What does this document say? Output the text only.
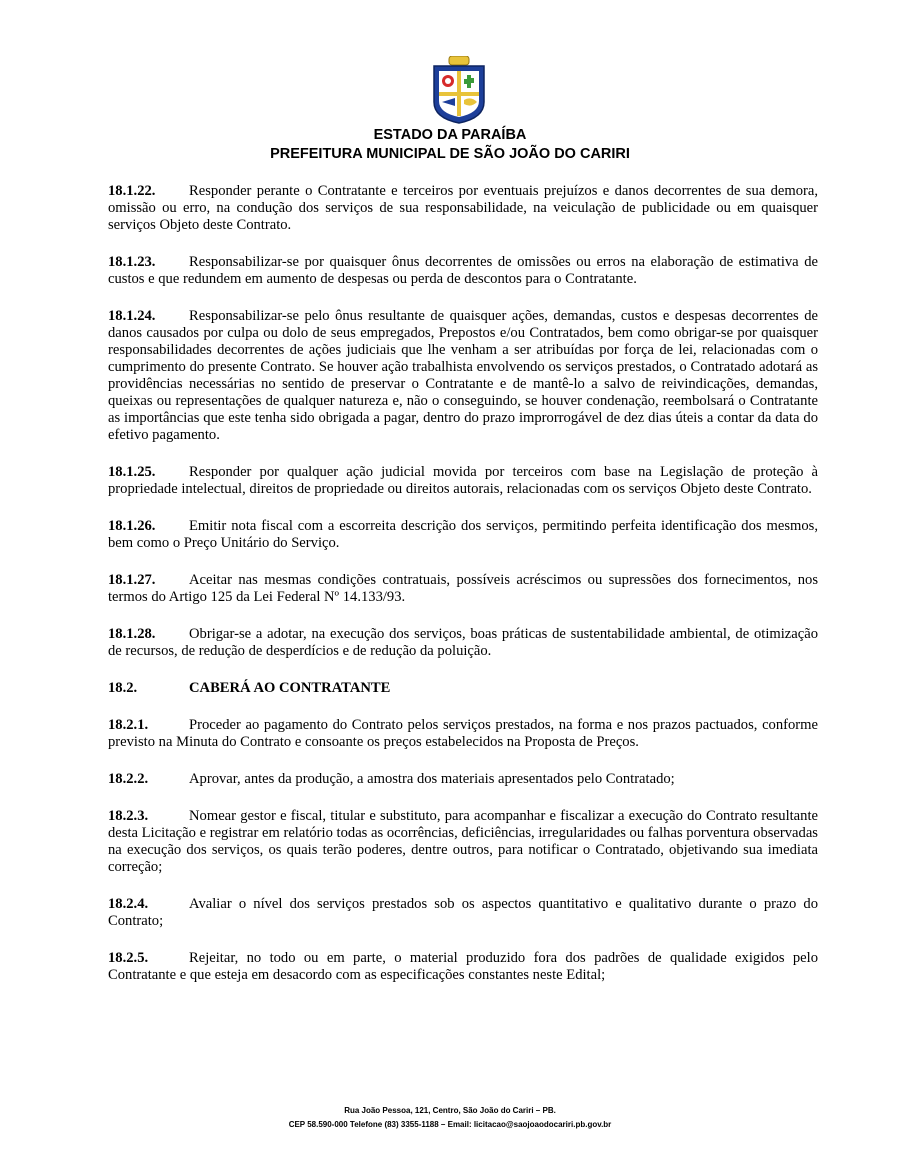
ESTADO DA PARAÍBA
PREFEITURA MUNICIPAL DE SÃO JOÃO DO CARIRI

18.1.22. Responder perante o Contratante e terceiros por eventuais prejuízos e danos decorrentes de sua demora, omissão ou erro, na condução dos serviços de sua responsabilidade, na veiculação de publicidade ou em quaisquer serviços Objeto deste Contrato.

18.1.23. Responsabilizar-se por quaisquer ônus decorrentes de omissões ou erros na elaboração de estimativa de custos e que redundem em aumento de despesas ou perda de descontos para o Contratante.

18.1.24. Responsabilizar-se pelo ônus resultante de quaisquer ações, demandas, custos e despesas decorrentes de danos causados por culpa ou dolo de seus empregados, Prepostos e/ou Contratados, bem como obrigar-se por quaisquer responsabilidades decorrentes de ações judiciais que lhe venham a ser atribuídas por força de lei, relacionadas com o cumprimento do presente Contrato. Se houver ação trabalhista envolvendo os serviços prestados, o Contratado adotará as providências necessárias no sentido de preservar o Contratante e de mantê-lo a salvo de reivindicações, demandas, queixas ou representações de qualquer natureza e, não o conseguindo, se houver condenação, reembolsará o Contratante as importâncias que este tenha sido obrigada a pagar, dentro do prazo improrrogável de dez dias úteis a contar da data do efetivo pagamento.

18.1.25. Responder por qualquer ação judicial movida por terceiros com base na Legislação de proteção à propriedade intelectual, direitos de propriedade ou direitos autorais, relacionadas com os serviços Objeto deste Contrato.

18.1.26. Emitir nota fiscal com a escorreita descrição dos serviços, permitindo perfeita identificação dos mesmos, bem como o Preço Unitário do Serviço.

18.1.27. Aceitar nas mesmas condições contratuais, possíveis acréscimos ou supressões dos fornecimentos, nos termos do Artigo 125 da Lei Federal Nº 14.133/93.

18.1.28. Obrigar-se a adotar, na execução dos serviços, boas práticas de sustentabilidade ambiental, de otimização de recursos, de redução de desperdícios e de redução da poluição.

18.2.	CABERÁ AO CONTRATANTE

18.2.1.	Proceder ao pagamento do Contrato pelos serviços prestados, na forma e nos prazos pactuados, conforme previsto na Minuta do Contrato e consoante os preços estabelecidos na Proposta de Preços.

18.2.2.	Aprovar, antes da produção, a amostra dos materiais apresentados pelo Contratado;

18.2.3.	Nomear gestor e fiscal, titular e substituto, para acompanhar e fiscalizar a execução do Contrato resultante desta Licitação e registrar em relatório todas as ocorrências, deficiências, irregularidades ou falhas porventura observadas na execução dos serviços, os quais terão poderes, dentre outros, para notificar o Contratado, objetivando sua imediata correção;

18.2.4.	Avaliar o nível dos serviços prestados sob os aspectos quantitativo e qualitativo durante o prazo do Contrato;

18.2.5.	Rejeitar, no todo ou em parte, o material produzido fora dos padrões de qualidade exigidos pelo Contratante e que esteja em desacordo com as especificações constantes neste Edital;

Rua João Pessoa, 121, Centro, São João do Cariri – PB.
CEP 58.590-000 Telefone (83) 3355-1188 – Email: licitacao@saojoaodocariri.pb.gov.br
